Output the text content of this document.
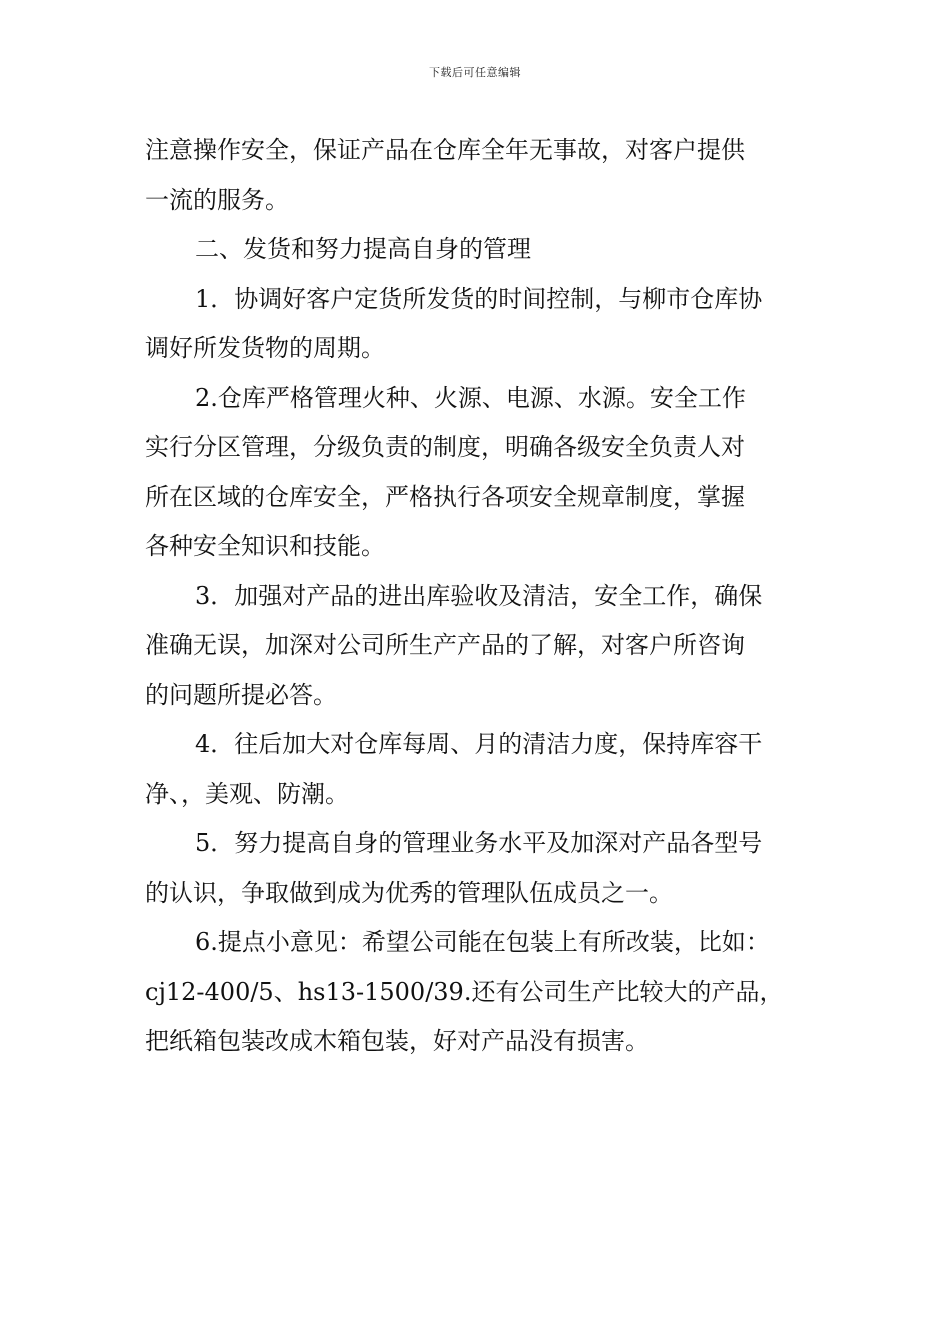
下载后可任意编辑

注意操作安全，保证产品在仓库全年无事故，对客户提供

一流的服务。

二、发货和努力提高自身的管理

1．协调好客户定货所发货的时间控制，与柳市仓库协

调好所发货物的周期。

2.仓库严格管理火种、火源、电源、水源。安全工作

实行分区管理，分级负责的制度，明确各级安全负责人对

所在区域的仓库安全，严格执行各项安全规章制度，掌握

各种安全知识和技能。

3．加强对产品的进出库验收及清洁，安全工作，确保

准确无误，加深对公司所生产产品的了解，对客户所咨询

的问题所提必答。

4．往后加大对仓库每周、月的清洁力度，保持库容干

净、，美观、防潮。

5．努力提高自身的管理业务水平及加深对产品各型号

的认识，争取做到成为优秀的管理队伍成员之一。

6.提点小意见：希望公司能在包装上有所改装，比如：

cj12-400/5、hs13-1500/39.还有公司生产比较大的产品，

把纸箱包装改成木箱包装，好对产品没有损害。
